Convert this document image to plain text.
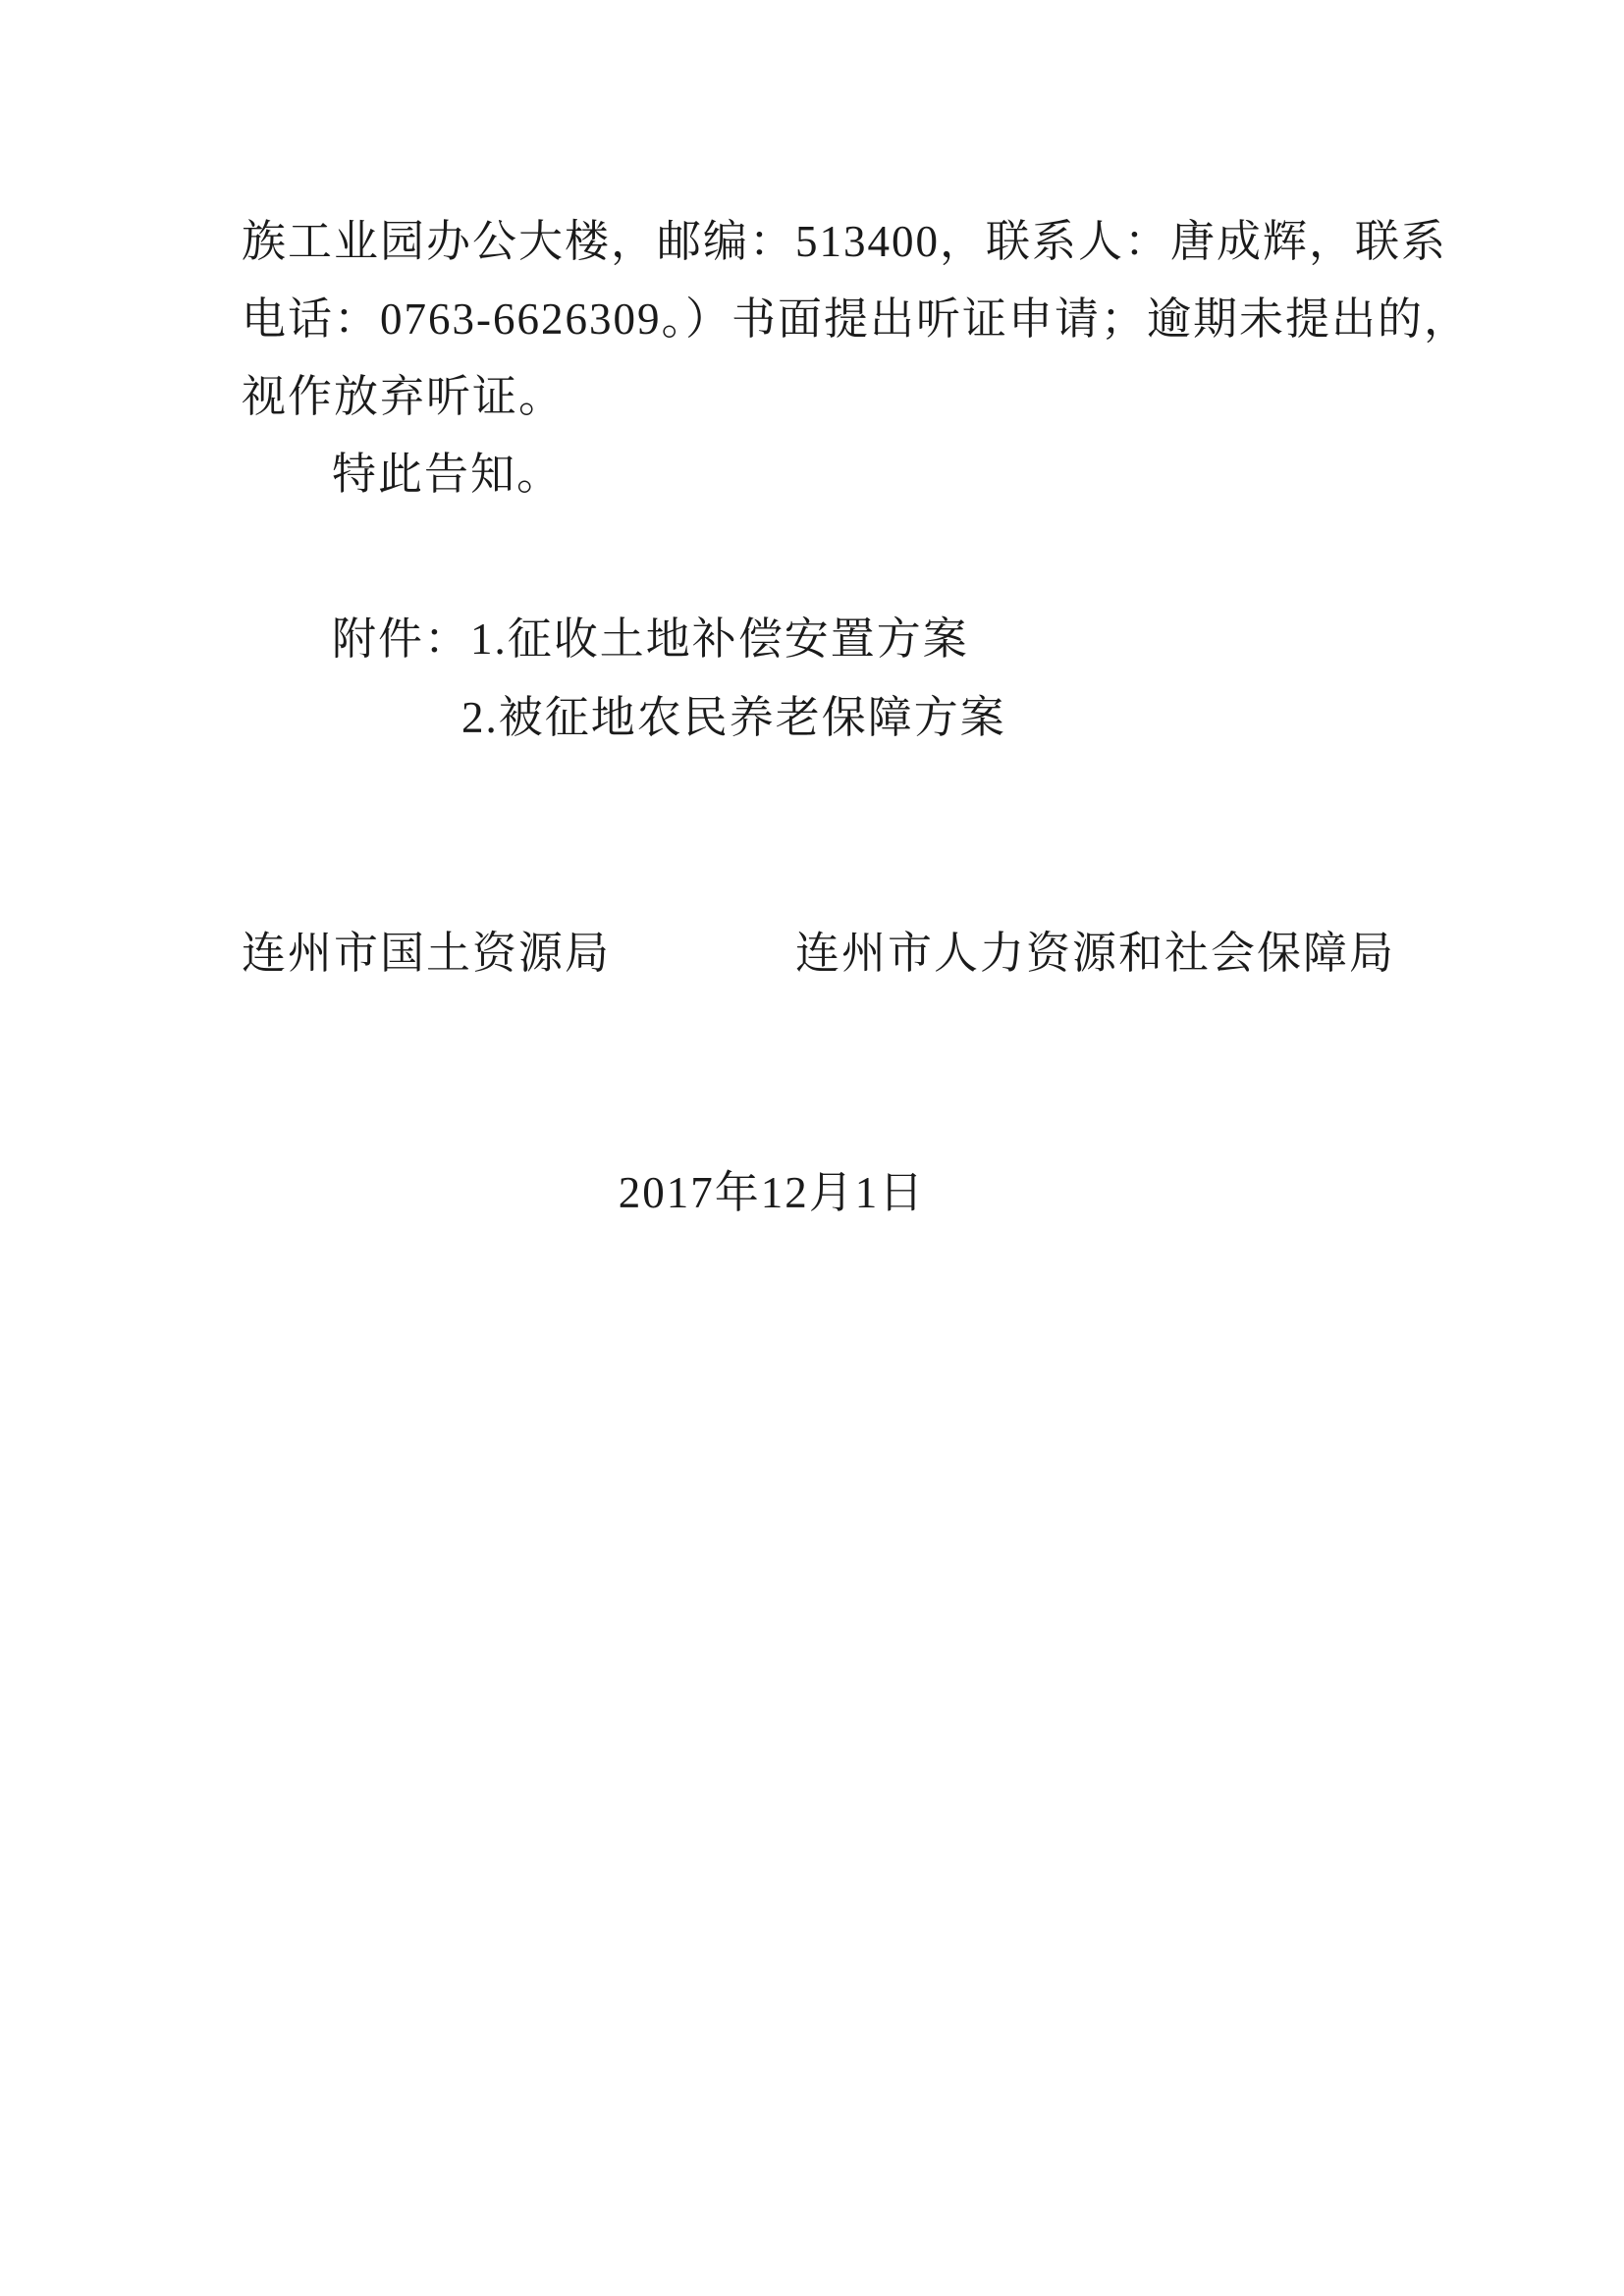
族工业园办公大楼，邮编：513400，联系人：唐成辉，联系

电话：0763-6626309。）书面提出听证申请；逾期未提出的，

视作放弃听证。

特此告知。

附件：1.征收土地补偿安置方案

2.被征地农民养老保障方案

连州市国土资源局	连州市人力资源和社会保障局

2017年12月1日
